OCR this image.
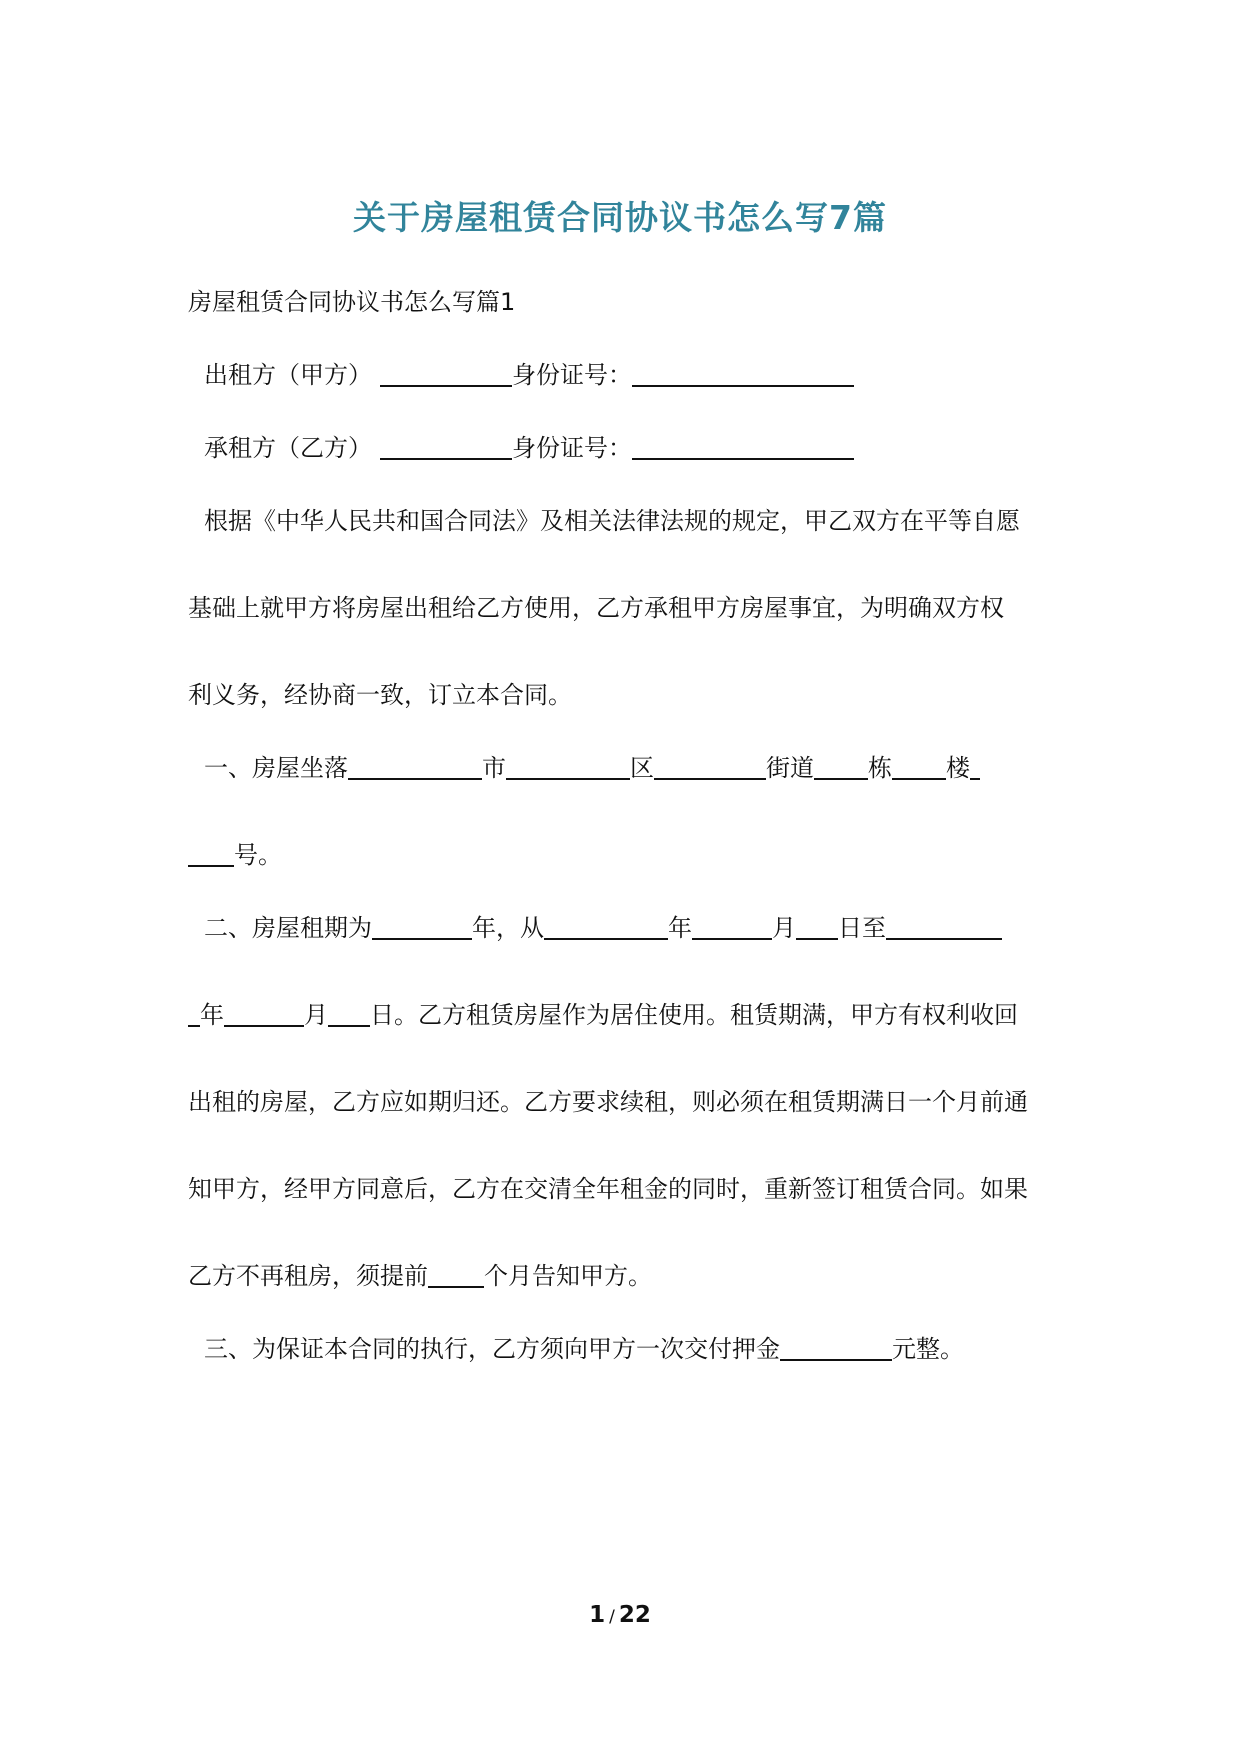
关于房屋租赁合同协议书怎么写7篇
房屋租赁合同协议书怎么写篇1
出租方（甲方）	身份证号：
承租方（乙方）	身份证号：
根据《中华人民共和国合同法》及相关法律法规的规定，甲乙双方在平等自愿
基础上就甲方将房屋出租给乙方使用，乙方承租甲方房屋事宜，为明确双方权
利义务，经协商一致，订立本合同。
一、房屋坐落	市	区	街道 栋 楼
号。
二、房屋租期为	年，从	年	月 日至
年	月 日。乙方租赁房屋作为居住使用。租赁期满，甲方有权利收回
出租的房屋，乙方应如期归还。乙方要求续租，则必须在租赁期满日一个月前通
知甲方，经甲方同意后，乙方在交清全年租金的同时，重新签订租赁合同。如果
乙方不再租房，须提前 个月告知甲方。
三、为保证本合同的执行，乙方须向甲方一次交付押金	元整。
1 / 22
